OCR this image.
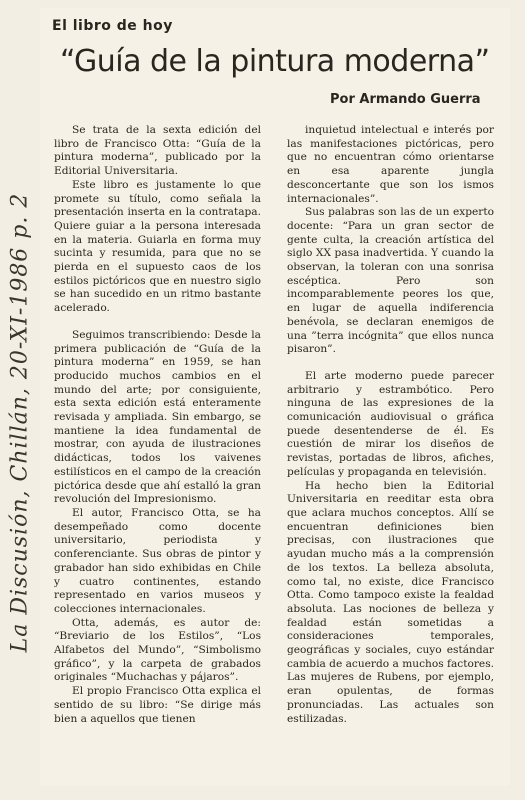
El libro de hoy
“Guía de la pintura moderna”
Por Armando Guerra
La Discusión, Chillán, 20-XI-1986 p. 2

Se trata de la sexta edición del libro de Francisco Otta: “Guía de la pintura moderna”, publicado por la Editorial Universitaria.

Este libro es justamente lo que promete su título, como señala la presentación inserta en la contratapa. Quiere guiar a la persona interesada en la materia. Guiarla en forma muy sucinta y resumida, para que no se pierda en el supuesto caos de los estilos pictóricos que en nuestro siglo se han sucedido en un ritmo bastante acelerado.

Seguimos transcribiendo: Desde la primera publicación de “Guía de la pintura moderna” en 1959, se han producido muchos cambios en el mundo del arte; por consiguiente, esta sexta edición está enteramente revisada y ampliada. Sin embargo, se mantiene la idea fundamental de mostrar, con ayuda de ilustraciones didácticas, todos los vaivenes estilísticos en el campo de la creación pictórica desde que ahí estalló la gran revolución del Impresionismo.

El autor, Francisco Otta, se ha desempeñado como docente universitario, periodista y conferenciante. Sus obras de pintor y grabador han sido exhibidas en Chile y cuatro continentes, estando representado en varios museos y colecciones internacionales.

Otta, además, es autor de: “Breviario de los Estilos”, “Los Alfabetos del Mundo”, “Simbolismo gráfico”, y la carpeta de grabados originales “Muchachas y pájaros”.

El propio Francisco Otta explica el sentido de su libro: “Se dirige más bien a aquellos que tienen

inquietud intelectual e interés por las manifestaciones pictóricas, pero que no encuentran cómo orientarse en esa aparente jungla desconcertante que son los ismos internacionales”.

Sus palabras son las de un experto docente: “Para un gran sector de gente culta, la creación artística del siglo XX pasa inadvertida. Y cuando la observan, la toleran con una sonrisa escéptica. Pero son incomparablemente peores los que, en lugar de aquella indiferencia benévola, se declaran enemigos de una ”terra incógnita” que ellos nunca pisaron”.

El arte moderno puede parecer arbitrario y estrambótico. Pero ninguna de las expresiones de la comunicación audiovisual o gráfica puede desentenderse de él. Es cuestión de mirar los diseños de revistas, portadas de libros, afiches, películas y propaganda en televisión.

Ha hecho bien la Editorial Universitaria en reeditar esta obra que aclara muchos conceptos. Allí se encuentran definiciones bien precisas, con ilustraciones que ayudan mucho más a la comprensión de los textos. La belleza absoluta, como tal, no existe, dice Francisco Otta. Como tampoco existe la fealdad absoluta. Las nociones de belleza y fealdad están sometidas a consideraciones temporales, geográficas y sociales, cuyo estándar cambia de acuerdo a muchos factores. Las mujeres de Rubens, por ejemplo, eran opulentas, de formas pronunciadas. Las actuales son estilizadas.
